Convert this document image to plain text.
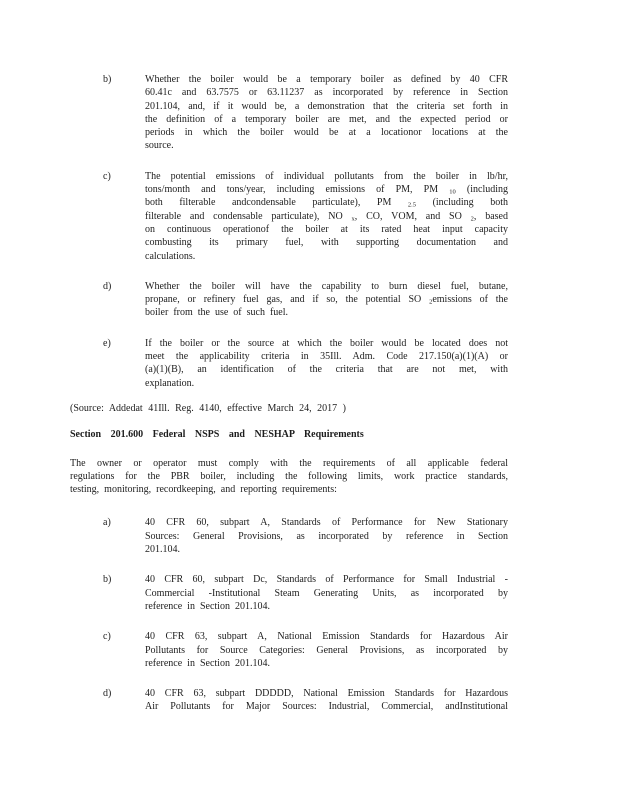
b)	Whether the boiler would be a temporary boiler as defined by 40 CFR
60.41c and 63.7575 or 63.11237 as incorporated by reference in Section
201.104, and, if it would be, a demonstration that the criteria set forth in
the definition of a temporary boiler are met, and the expected period or
periods in which the boiler would be at a locationor locations at the
source.
c)	The potential emissions of individual pollutants from the boiler in lb/hr,
tons/month and tons/year, including emissions of PM, PM $_{10}$ (including
both filterable andcondensable particulate), PM $_{2.5}$ (including both
filterable and condensable particulate), NO $_x$, CO, VOM, and SO $_2$, based
on continuous operationof the boiler at its rated heat input capacity
combusting its primary fuel, with supporting documentation and
calculations.
d)	Whether the boiler will have the capability to burn diesel fuel, butane,
propane, or refinery fuel gas, and if so, the potential SO $_2$emissions of the
boiler from the use of such fuel.
e)	If the boiler or the source at which the boiler would be located does not
meet the applicability criteria in 35Ill. Adm. Code 217.150(a)(1)(A) or
(a)(1)(B), an identification of the criteria that are not met, with
explanation.

(Source: Addedat 41Ill. Reg. 4140, effective March 24, 2017 )

Section 201.600 Federal NSPS and NESHAP Requirements
The owner or operator must comply with the requirements of all applicable federal
regulations for the PBR boiler, including the following limits, work practice standards,
testing, monitoring, recordkeeping, and reporting requirements:
a)	40 CFR 60, subpart A, Standards of Performance for New Stationary
Sources: General Provisions, as incorporated by reference in Section
201.104.
b)	40 CFR 60, subpart Dc, Standards of Performance for Small Industrial -
Commercial -Institutional Steam Generating Units, as incorporated by
reference in Section 201.104.
c)	40 CFR 63, subpart A, National Emission Standards for Hazardous Air
Pollutants for Source Categories: General Provisions, as incorporated by
reference in Section 201.104.
d)	40 CFR 63, subpart DDDDD, National Emission Standards for Hazardous
Air Pollutants for Major Sources: Industrial, Commercial, andInstitutional
